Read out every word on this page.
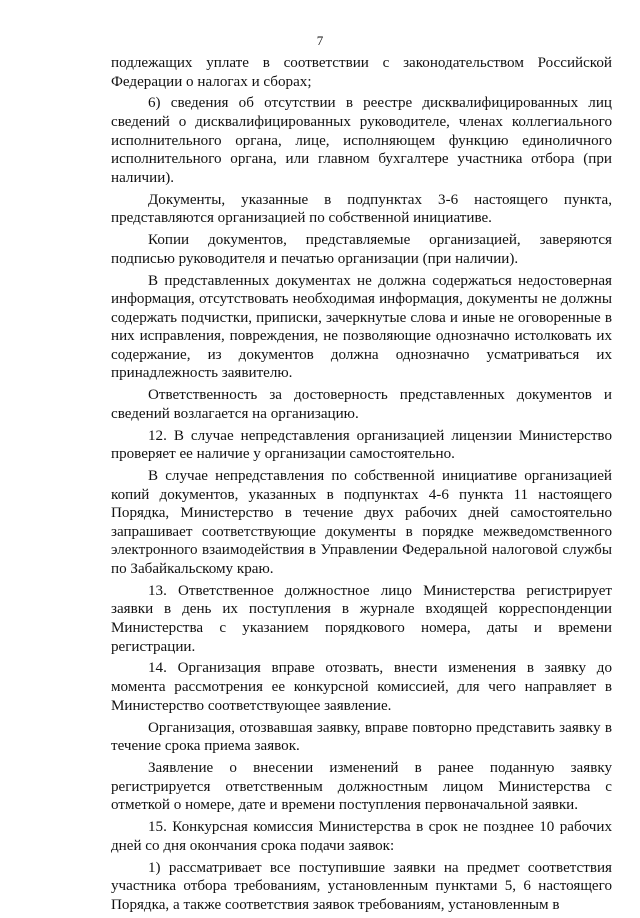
7

подлежащих уплате в соответствии с законодательством Российской Федерации о налогах и сборах;

6) сведения об отсутствии в реестре дисквалифицированных лиц сведений о дисквалифицированных руководителе, членах коллегиального исполнительного органа, лице, исполняющем функцию единоличного исполнительного органа, или главном бухгалтере участника отбора (при наличии).

Документы, указанные в подпунктах 3-6 настоящего пункта, представляются организацией по собственной инициативе.

Копии документов, представляемые организацией, заверяются подписью руководителя и печатью организации (при наличии).

В представленных документах не должна содержаться недостоверная информация, отсутствовать необходимая информация, документы не должны содержать подчистки, приписки, зачеркнутые слова и иные не оговоренные в них исправления, повреждения, не позволяющие однозначно истолковать их содержание, из документов должна однозначно усматриваться их принадлежность заявителю.

Ответственность за достоверность представленных документов и сведений возлагается на организацию.

12. В случае непредставления организацией лицензии Министерство проверяет ее наличие у организации самостоятельно.

В случае непредставления по собственной инициативе организацией копий документов, указанных в подпунктах 4-6 пункта 11 настоящего Порядка, Министерство в течение двух рабочих дней самостоятельно запрашивает соответствующие документы в порядке межведомственного электронного взаимодействия в Управлении Федеральной налоговой службы по Забайкальскому краю.

13. Ответственное должностное лицо Министерства регистрирует заявки в день их поступления в журнале входящей корреспонденции Министерства с указанием порядкового номера, даты и времени регистрации.

14. Организация вправе отозвать, внести изменения в заявку до момента рассмотрения ее конкурсной комиссией, для чего направляет в Министерство соответствующее заявление.

Организация, отозвавшая заявку, вправе повторно представить заявку в течение срока приема заявок.

Заявление о внесении изменений в ранее поданную заявку регистрируется ответственным должностным лицом Министерства с отметкой о номере, дате и времени поступления первоначальной заявки.

15. Конкурсная комиссия Министерства в срок не позднее 10 рабочих дней со дня окончания срока подачи заявок:

1) рассматривает все поступившие заявки на предмет соответствия участника отбора требованиям, установленным пунктами 5, 6 настоящего Порядка, а также соответствия заявок требованиям, установленным в
